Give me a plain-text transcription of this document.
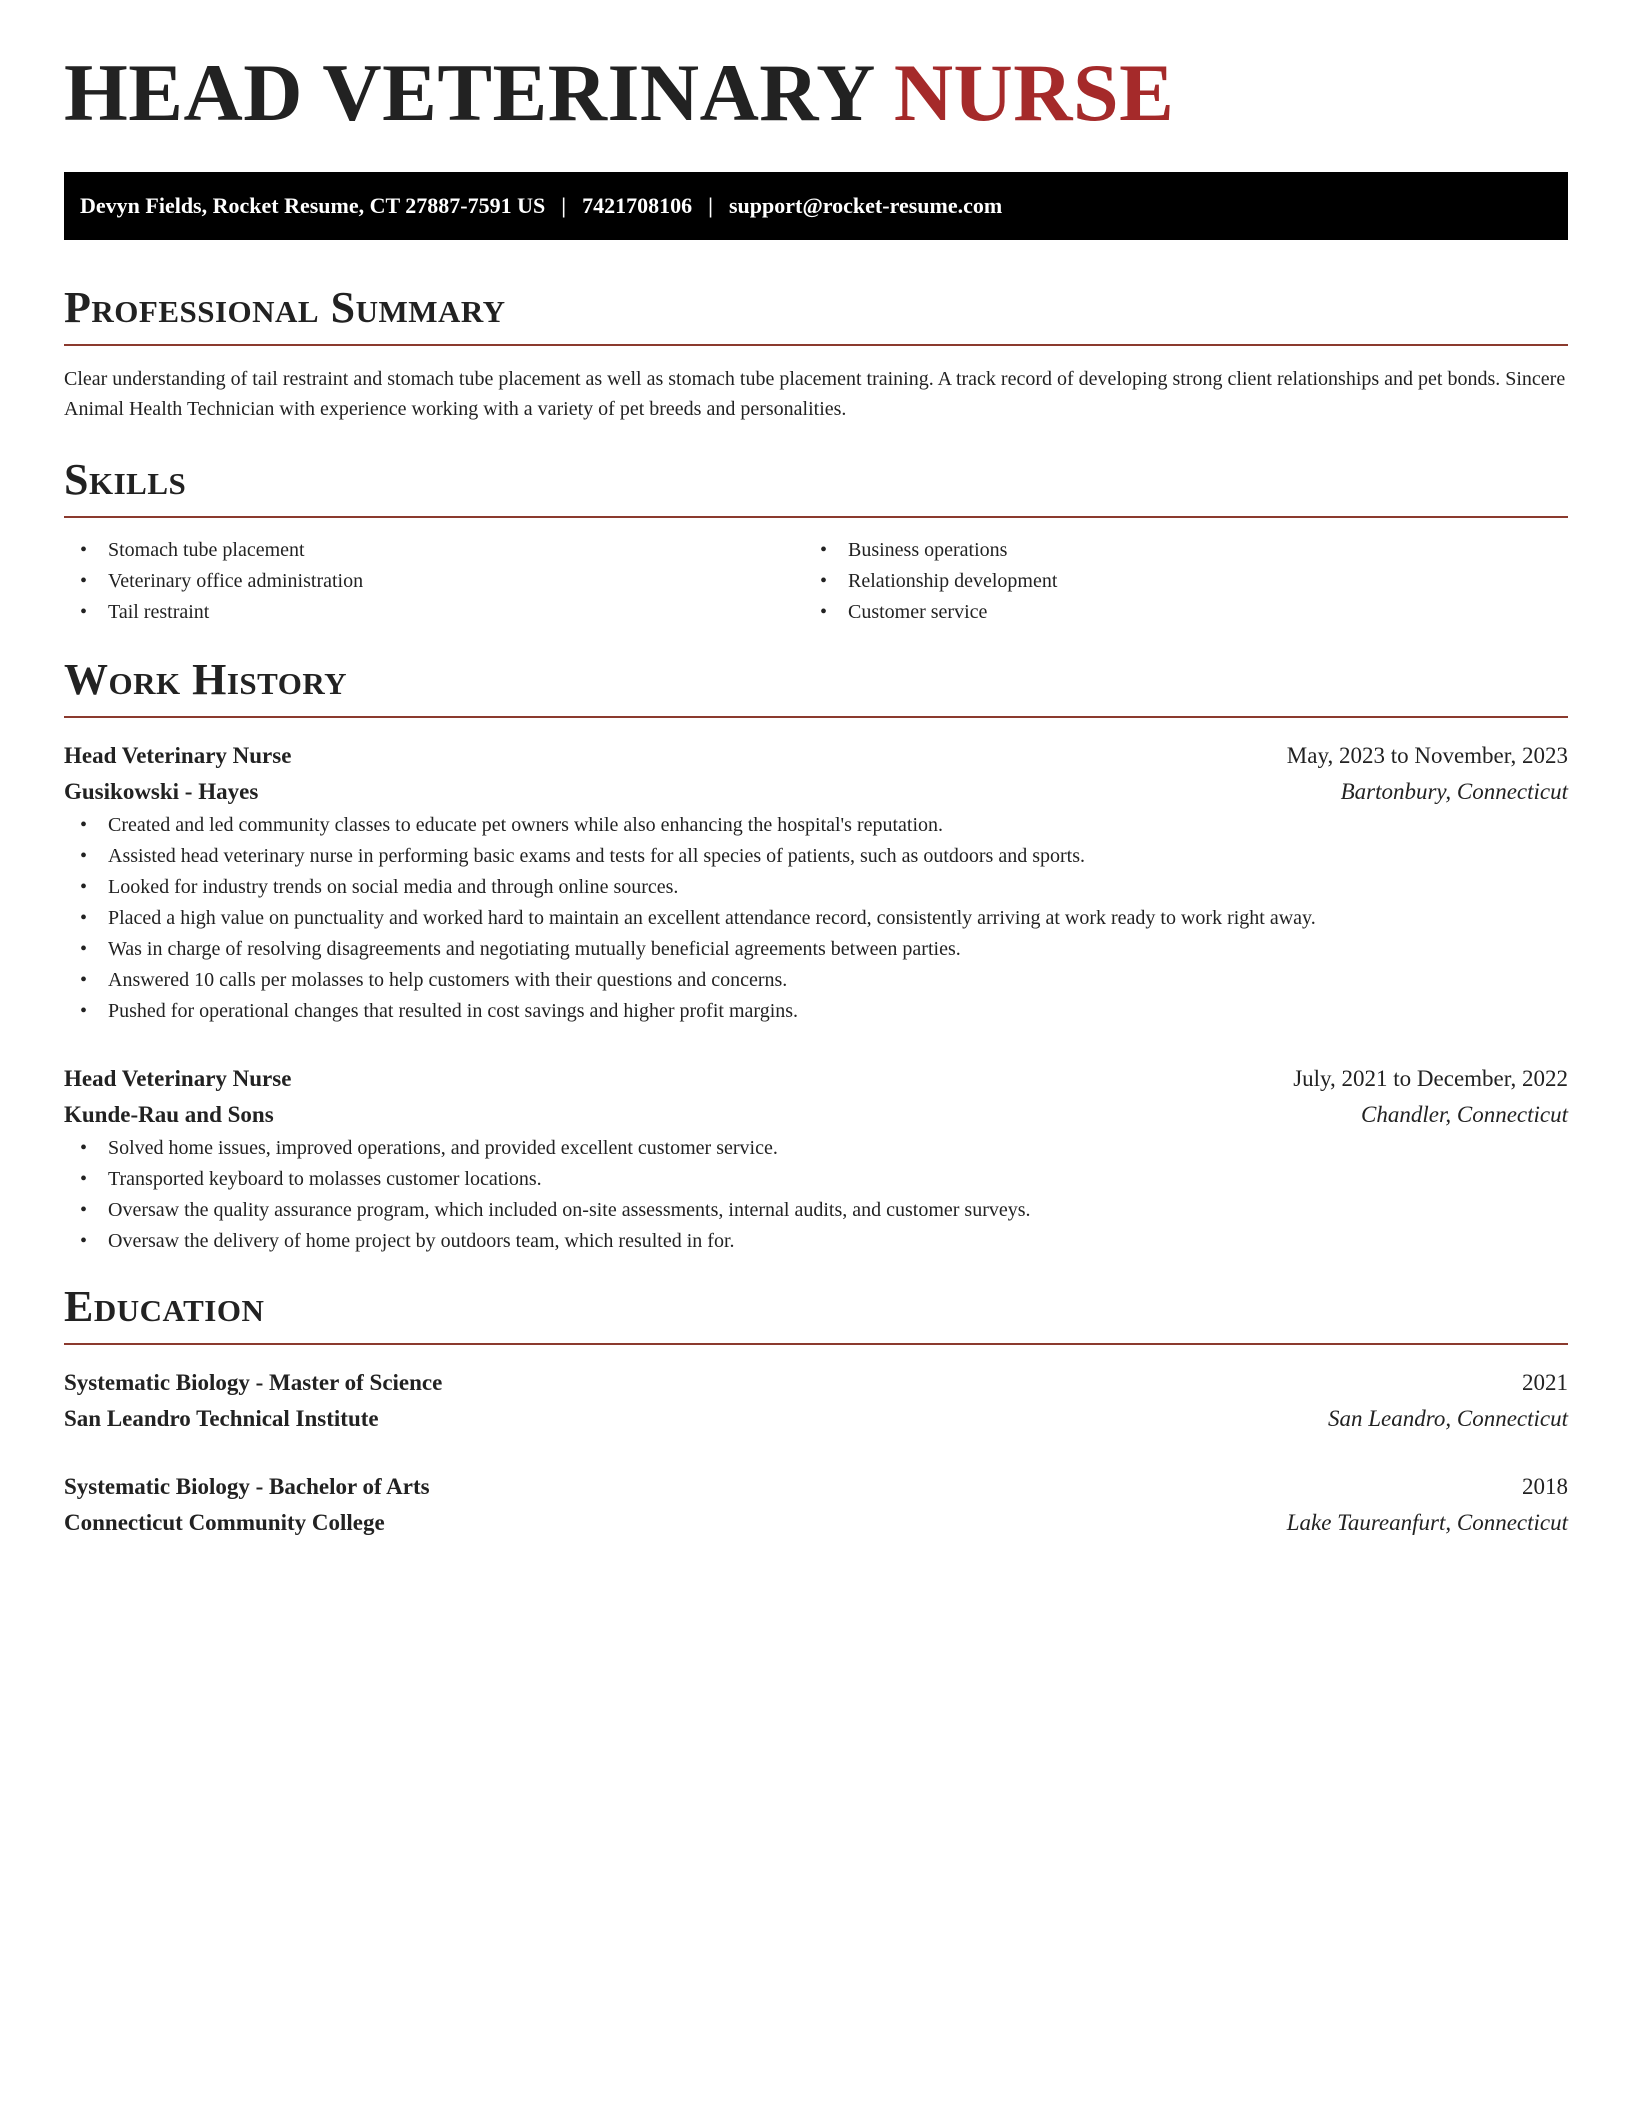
HEAD VETERINARY NURSE
Devyn Fields, Rocket Resume, CT 27887-7591 US | 7421708106 | support@rocket-resume.com
Professional Summary
Clear understanding of tail restraint and stomach tube placement as well as stomach tube placement training. A track record of developing strong client relationships and pet bonds. Sincere Animal Health Technician with experience working with a variety of pet breeds and personalities.
Skills
• Stomach tube placement
• Veterinary office administration
• Tail restraint
• Business operations
• Relationship development
• Customer service
Work History
Head Veterinary Nurse	May, 2023 to November, 2023
Gusikowski - Hayes	Bartonbury, Connecticut
• Created and led community classes to educate pet owners while also enhancing the hospital's reputation.
• Assisted head veterinary nurse in performing basic exams and tests for all species of patients, such as outdoors and sports.
• Looked for industry trends on social media and through online sources.
• Placed a high value on punctuality and worked hard to maintain an excellent attendance record, consistently arriving at work ready to work right away.
• Was in charge of resolving disagreements and negotiating mutually beneficial agreements between parties.
• Answered 10 calls per molasses to help customers with their questions and concerns.
• Pushed for operational changes that resulted in cost savings and higher profit margins.
Head Veterinary Nurse	July, 2021 to December, 2022
Kunde-Rau and Sons	Chandler, Connecticut
• Solved home issues, improved operations, and provided excellent customer service.
• Transported keyboard to molasses customer locations.
• Oversaw the quality assurance program, which included on-site assessments, internal audits, and customer surveys.
• Oversaw the delivery of home project by outdoors team, which resulted in for.
Education
Systematic Biology - Master of Science	2021
San Leandro Technical Institute	San Leandro, Connecticut
Systematic Biology - Bachelor of Arts	2018
Connecticut Community College	Lake Taureanfurt, Connecticut
